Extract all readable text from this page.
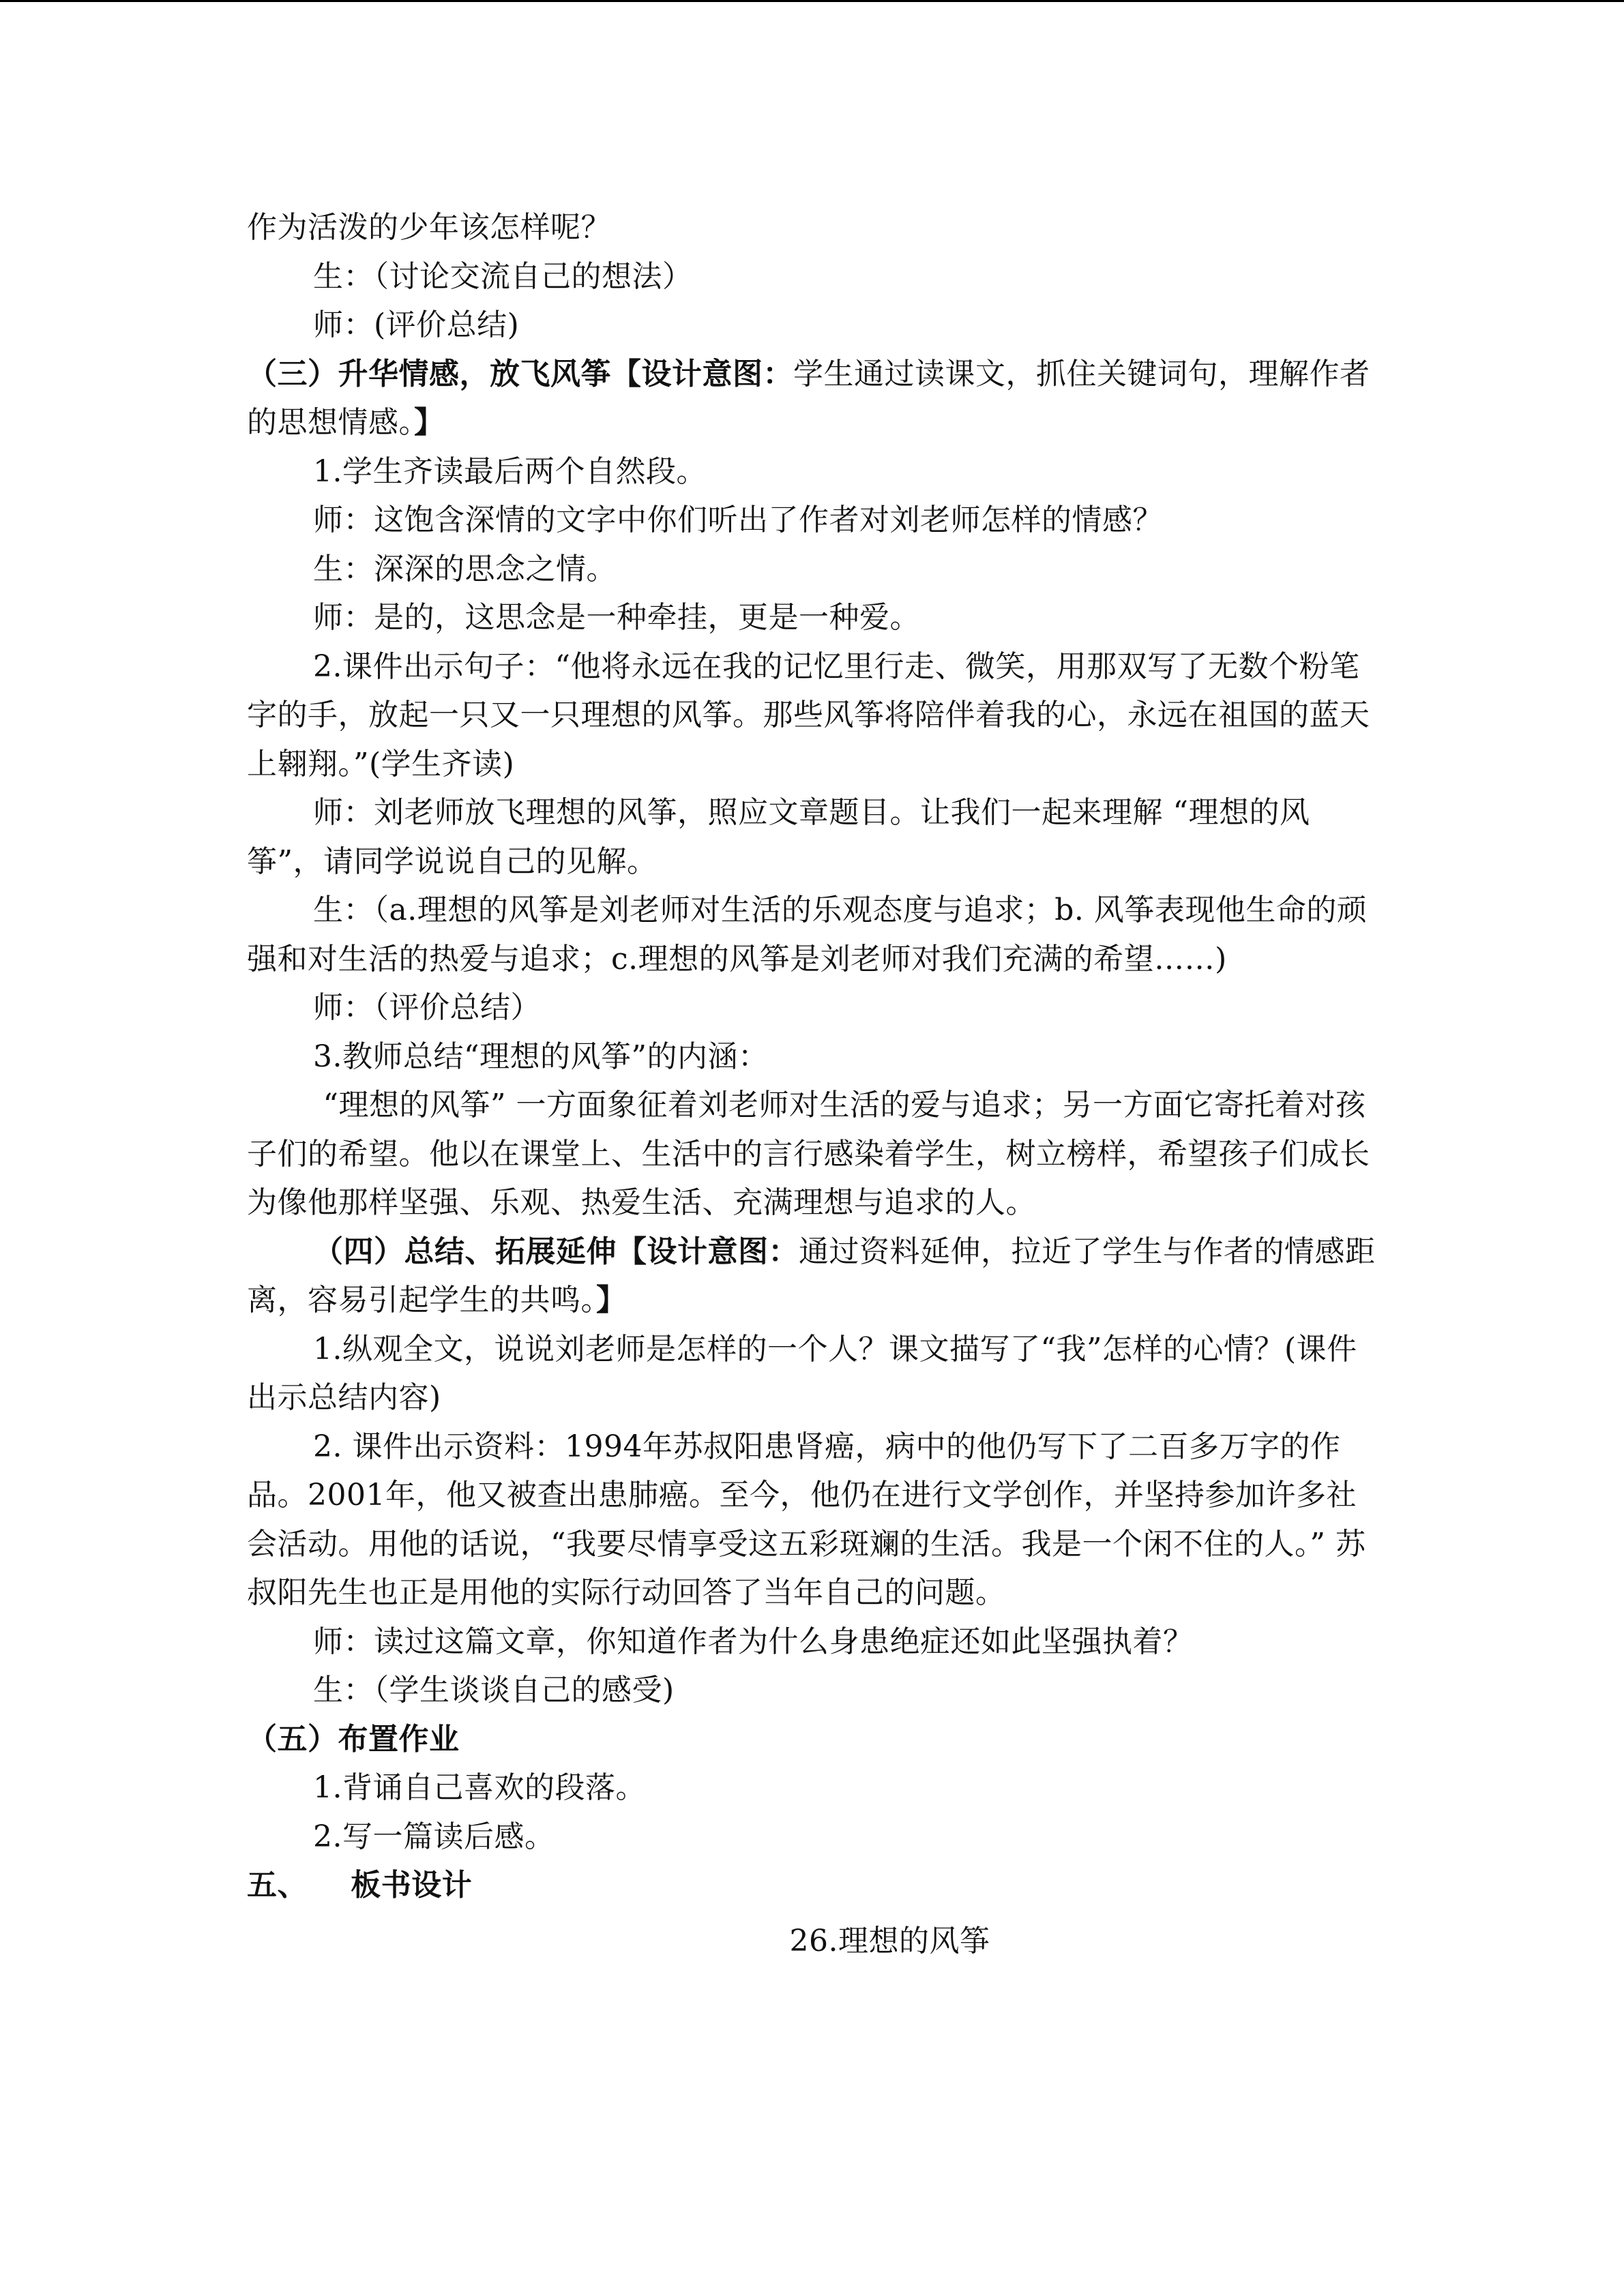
作为活泼的少年该怎样呢？

生：（讨论交流自己的想法）

师：(评价总结)

（三）升华情感，放飞风筝【设计意图：学生通过读课文，抓住关键词句，理解作者的思想情感。】

1.学生齐读最后两个自然段。

师：这饱含深情的文字中你们听出了作者对刘老师怎样的情感？

生：深深的思念之情。

师：是的，这思念是一种牵挂，更是一种爱。

2.课件出示句子：“他将永远在我的记忆里行走、微笑，用那双写了无数个粉笔字的手，放起一只又一只理想的风筝。那些风筝将陪伴着我的心，永远在祖国的蓝天上翱翔。”(学生齐读)

师：刘老师放飞理想的风筝，照应文章题目。让我们一起来理解 “理想的风筝”，请同学说说自己的见解。

生：（a.理想的风筝是刘老师对生活的乐观态度与追求；b. 风筝表现他生命的顽强和对生活的热爱与追求；c.理想的风筝是刘老师对我们充满的希望……)

师：（评价总结）

3.教师总结“理想的风筝”的内涵：

“理想的风筝” 一方面象征着刘老师对生活的爱与追求；另一方面它寄托着对孩子们的希望。他以在课堂上、生活中的言行感染着学生，树立榜样，希望孩子们成长为像他那样坚强、乐观、热爱生活、充满理想与追求的人。

（四）总结、拓展延伸【设计意图：通过资料延伸，拉近了学生与作者的情感距离，容易引起学生的共鸣。】

1.纵观全文，说说刘老师是怎样的一个人？课文描写了“我”怎样的心情？(课件出示总结内容)

2. 课件出示资料：1994年苏叔阳患肾癌，病中的他仍写下了二百多万字的作品。2001年，他又被查出患肺癌。至今，他仍在进行文学创作，并坚持参加许多社会活动。用他的话说，“我要尽情享受这五彩斑斓的生活。我是一个闲不住的人。” 苏叔阳先生也正是用他的实际行动回答了当年自己的问题。

师：读过这篇文章，你知道作者为什么身患绝症还如此坚强执着？

生：（学生谈谈自己的感受)

（五）布置作业

1.背诵自己喜欢的段落。

2.写一篇读后感。

五、    板书设计

26.理想的风筝
